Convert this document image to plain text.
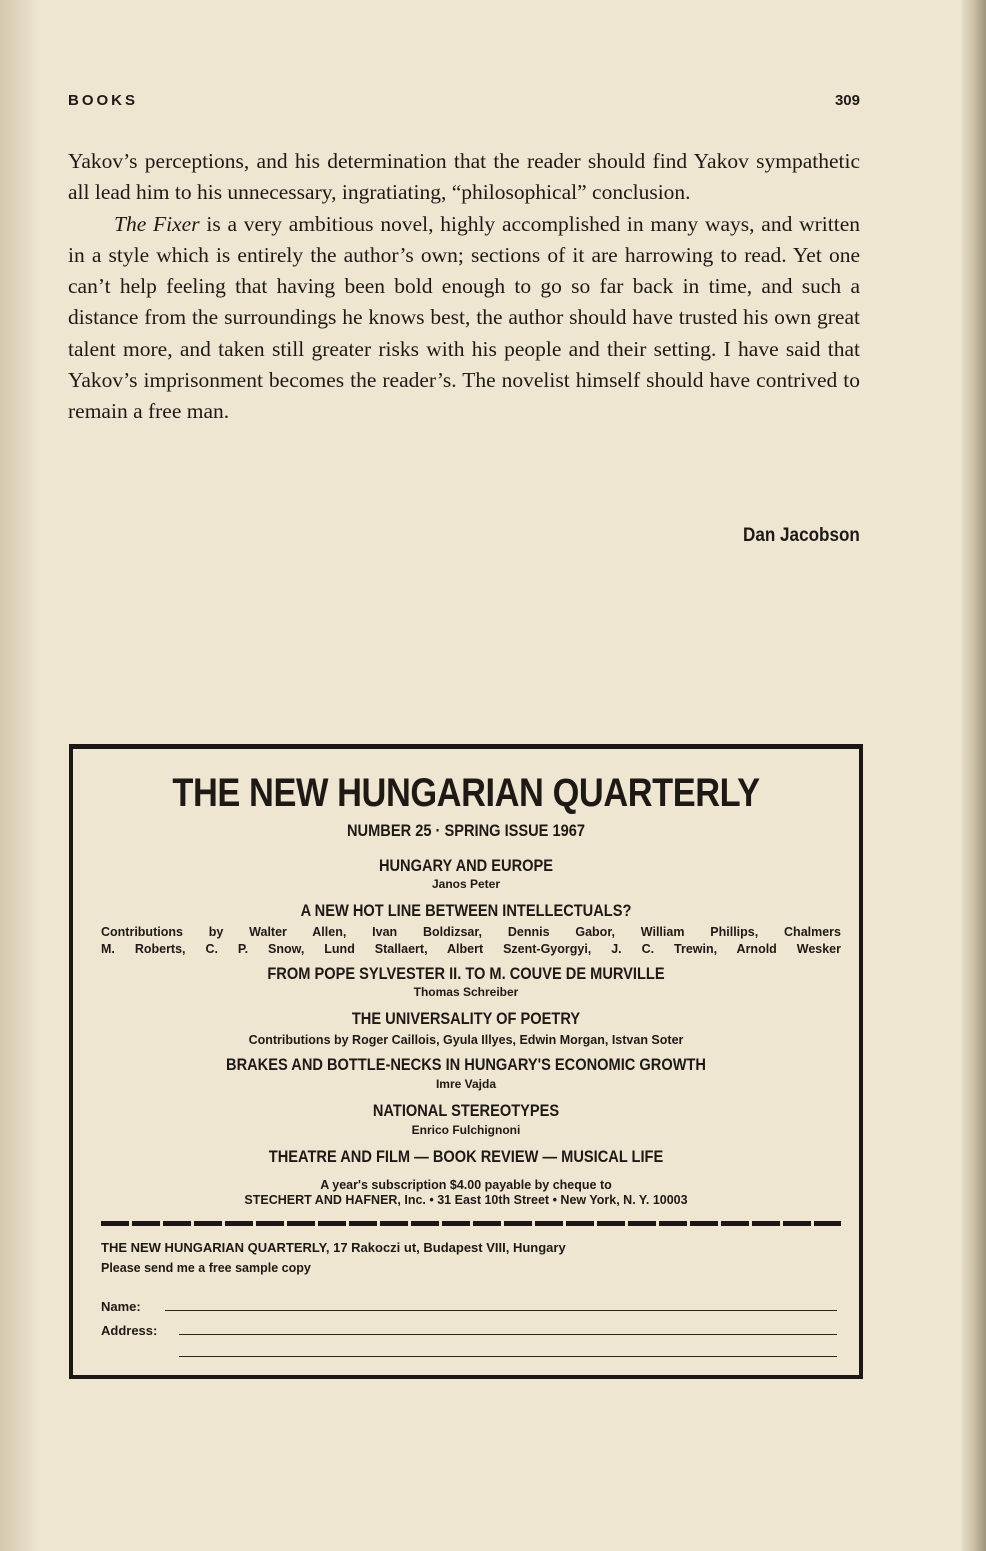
BOOKS	309

Yakov’s perceptions, and his determination that the reader should find Yakov sympathetic all lead him to his unnecessary, ingratiating, “philosophical” conclusion.

The Fixer is a very ambitious novel, highly accomplished in many ways, and written in a style which is entirely the author’s own; sections of it are harrowing to read. Yet one can’t help feeling that having been bold enough to go so far back in time, and such a distance from the surroundings he knows best, the author should have trusted his own great talent more, and taken still greater risks with his people and their setting. I have said that Yakov’s imprisonment becomes the reader’s. The novelist himself should have contrived to remain a free man.

Dan Jacobson
THE NEW HUNGARIAN QUARTERLY
NUMBER 25 · SPRING ISSUE 1967
HUNGARY AND EUROPE
Janos Peter
A NEW HOT LINE BETWEEN INTELLECTUALS?
Contributions by Walter Allen, Ivan Boldizsar, Dennis Gabor, William Phillips, Chalmers
M. Roberts, C. P. Snow, Lund Stallaert, Albert Szent-Gyorgyi, J. C. Trewin, Arnold Wesker
FROM POPE SYLVESTER II. TO M. COUVE DE MURVILLE
Thomas Schreiber
THE UNIVERSALITY OF POETRY
Contributions by Roger Caillois, Gyula Illyes, Edwin Morgan, Istvan Soter
BRAKES AND BOTTLE-NECKS IN HUNGARY'S ECONOMIC GROWTH
Imre Vajda
NATIONAL STEREOTYPES
Enrico Fulchignoni
THEATRE AND FILM — BOOK REVIEW — MUSICAL LIFE
A year's subscription $4.00 payable by cheque to
STECHERT AND HAFNER, Inc. • 31 East 10th Street • New York, N. Y. 10003
THE NEW HUNGARIAN QUARTERLY, 17 Rakoczi ut, Budapest VIII, Hungary
Please send me a free sample copy
Name:
Address:
